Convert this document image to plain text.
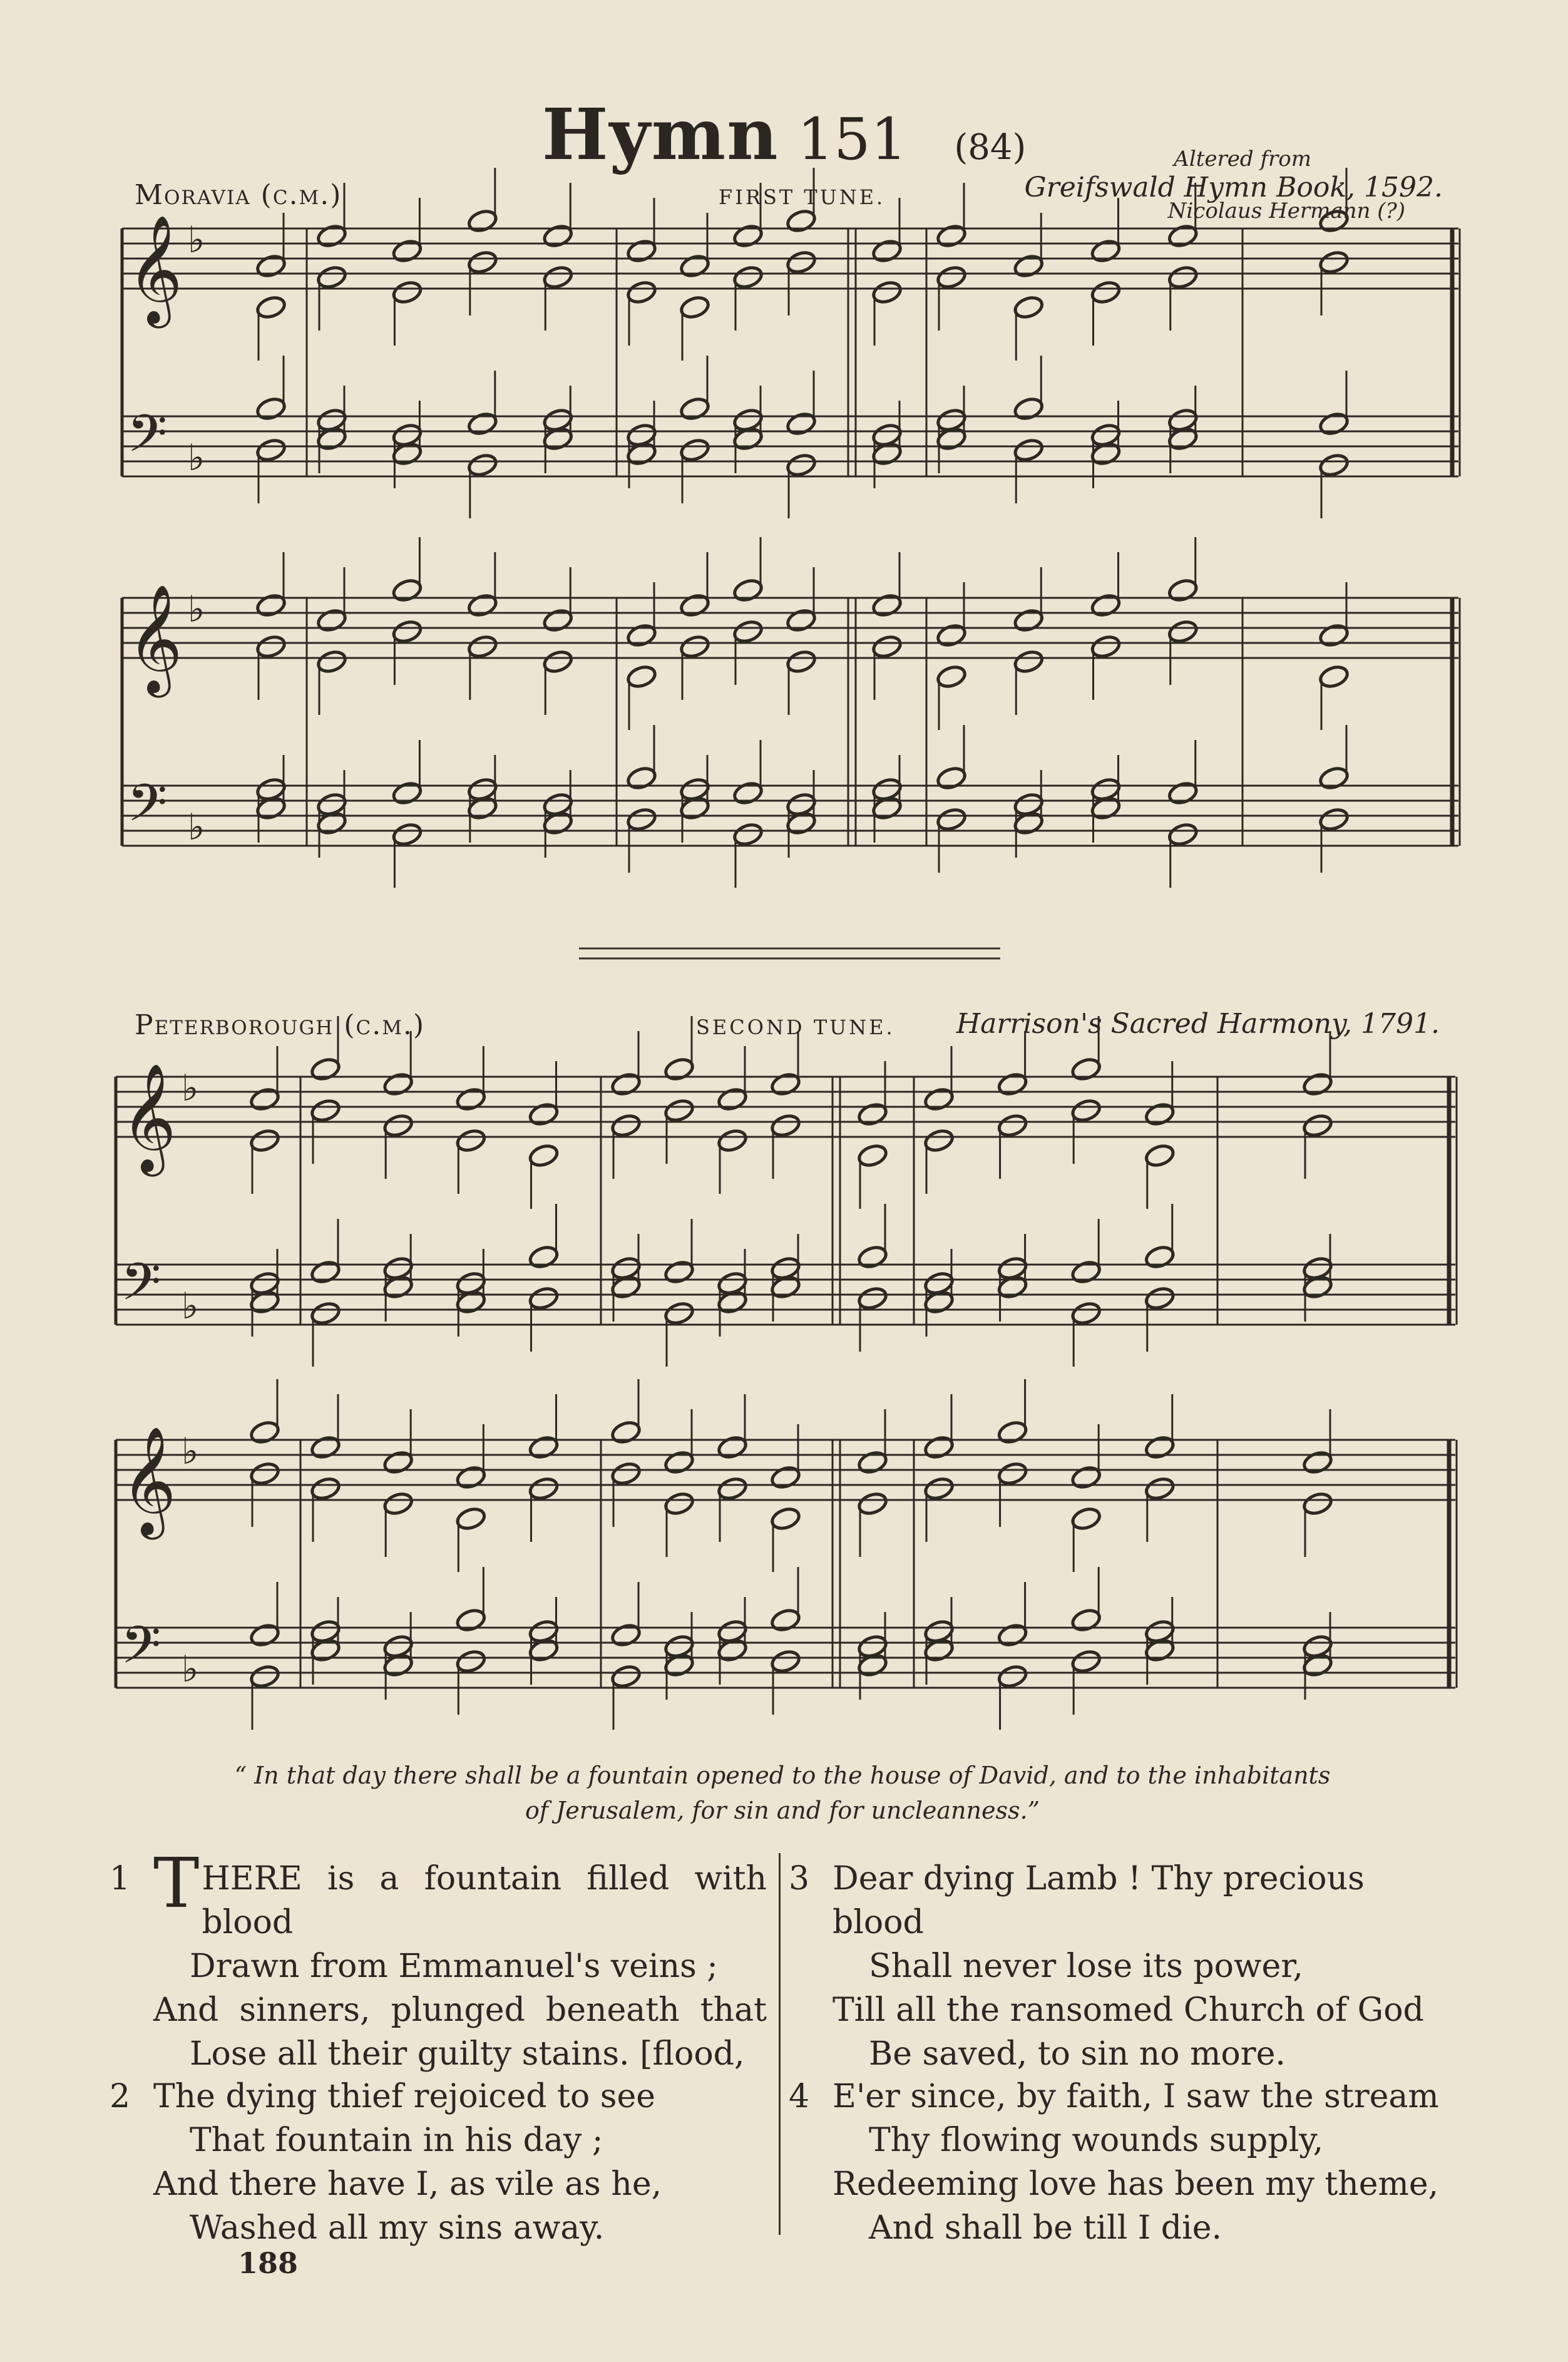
Hymn 151 (84)
Moravia (c.m.)	FIRST TUNE.
Altered from
Greifswald Hymn Book, 1592.
Nicolaus Hermann (?)
Peterborough (c.m.)	SECOND TUNE.	Harrison's Sacred Harmony, 1791.
𝄞 ♭
𝄢 ♭
𝄞 ♭
𝄢 ♭
𝄞 ♭
𝄢 ♭
𝄞 ♭
𝄢 ♭
“ In that day there shall be a fountain opened to the house of David, and to the inhabitants
of Jerusalem, for sin and for uncleanness.”
1 THERE is a fountain filled with blood
Drawn from Emmanuel's veins ;
And sinners, plunged beneath that
Lose all their guilty stains. [flood,
2 The dying thief rejoiced to see
That fountain in his day ;
And there have I, as vile as he,
Washed all my sins away.
3 Dear dying Lamb ! Thy precious blood
Shall never lose its power,
Till all the ransomed Church of God
Be saved, to sin no more.
4 E'er since, by faith, I saw the stream
Thy flowing wounds supply,
Redeeming love has been my theme,
And shall be till I die.
188
